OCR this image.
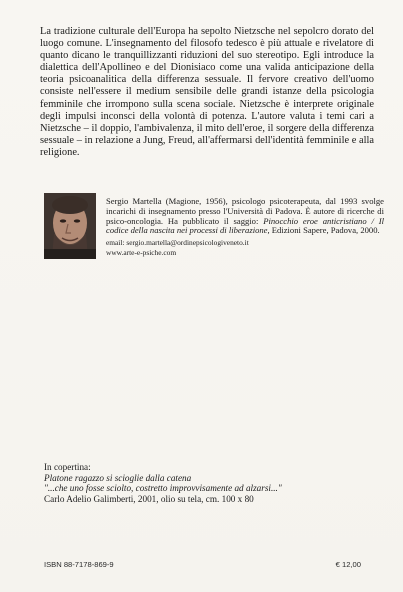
La tradizione culturale dell'Europa ha sepolto Nietzsche nel sepolcro dorato del luogo comune. L'insegnamento del filosofo tedesco è più attuale e rivelatore di quanto dicano le tranquillizzanti riduzioni del suo stereotipo. Egli introduce la dialettica dell'Apollineo e del Dionisiaco come una valida anticipazione della teoria psicoanalitica della differenza sessuale. Il fervore creativo dell'uomo consiste nell'essere il medium sensibile delle grandi istanze della psicologia femminile che irrompono sulla scena sociale. Nietzsche è interprete originale degli impulsi inconsci della volontà di potenza. L'autore valuta i temi cari a Nietzsche – il doppio, l'ambivalenza, il mito dell'eroe, il sorgere della differenza sessuale – in relazione a Jung, Freud, all'affermarsi dell'identità femminile e alla religione.

Sergio Martella (Magione, 1956), psicologo psicoterapeuta, dal 1993 svolge incarichi di insegnamento presso l'Università di Padova. È autore di ricerche di psico-oncologia. Ha pubblicato il saggio: Pinocchio eroe anticristiano / Il codice della nascita nei processi di liberazione, Edizioni Sapere, Padova, 2000.

email: sergio.martella@ordinepsicologiveneto.it

www.arte-e-psiche.com

In copertina:
Platone ragazzo si scioglie dalla catena
"...che uno fosse sciolto, costretto improvvisamente ad alzarsi..."
Carlo Adelio Galimberti, 2001, olio su tela, cm. 100 x 80
ISBN 88-7178-869-9	€ 12,00
